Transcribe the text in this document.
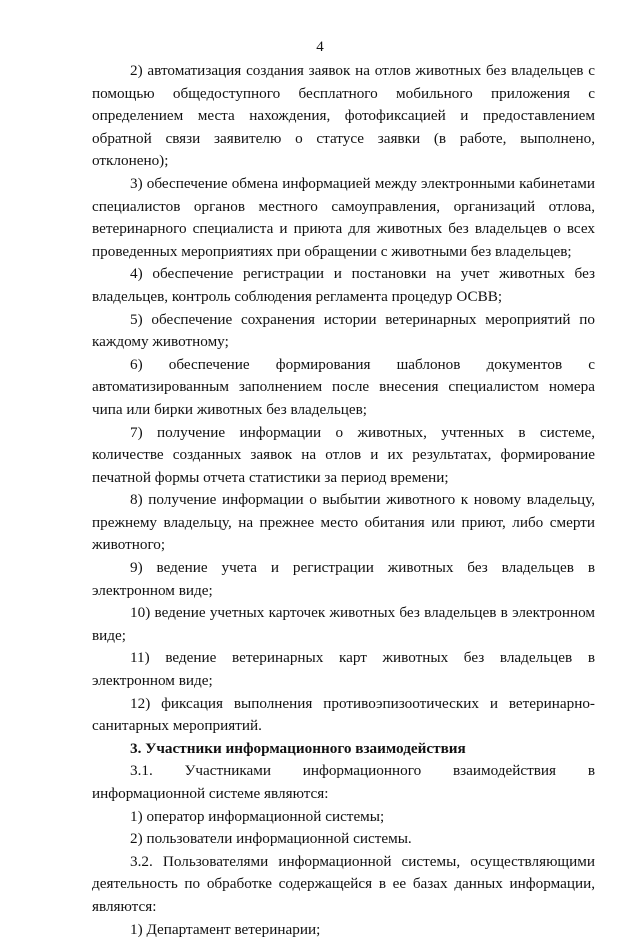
4

2) автоматизация создания заявок на отлов животных без владельцев с помощью общедоступного бесплатного мобильного приложения с определением места нахождения, фотофиксацией и предоставлением обратной связи заявителю о статусе заявки (в работе, выполнено, отклонено);

3) обеспечение обмена информацией между электронными кабинетами специалистов органов местного самоуправления, организаций отлова, ветеринарного специалиста и приюта для животных без владельцев о всех проведенных мероприятиях при обращении с животными без владельцев;

4) обеспечение регистрации и постановки на учет животных без владельцев, контроль соблюдения регламента процедур ОСВВ;

5) обеспечение сохранения истории ветеринарных мероприятий по каждому животному;

6) обеспечение формирования шаблонов документов с автоматизированным заполнением после внесения специалистом номера чипа или бирки животных без владельцев;

7) получение информации о животных, учтенных в системе, количестве созданных заявок на отлов и их результатах, формирование печатной формы отчета статистики за период времени;

8) получение информации о выбытии животного к новому владельцу, прежнему владельцу, на прежнее место обитания или приют, либо смерти животного;

9) ведение учета и регистрации животных без владельцев в электронном виде;

10) ведение учетных карточек животных без владельцев в электронном виде;

11) ведение ветеринарных карт животных без владельцев в электронном виде;

12) фиксация выполнения противоэпизоотических и ветеринарно-санитарных мероприятий.

3. Участники информационного взаимодействия

3.1. Участниками информационного взаимодействия в информационной системе являются:

1) оператор информационной системы;

2) пользователи информационной системы.

3.2. Пользователями информационной системы, осуществляющими деятельность по обработке содержащейся в ее базах данных информации, являются:

1) Департамент ветеринарии;
